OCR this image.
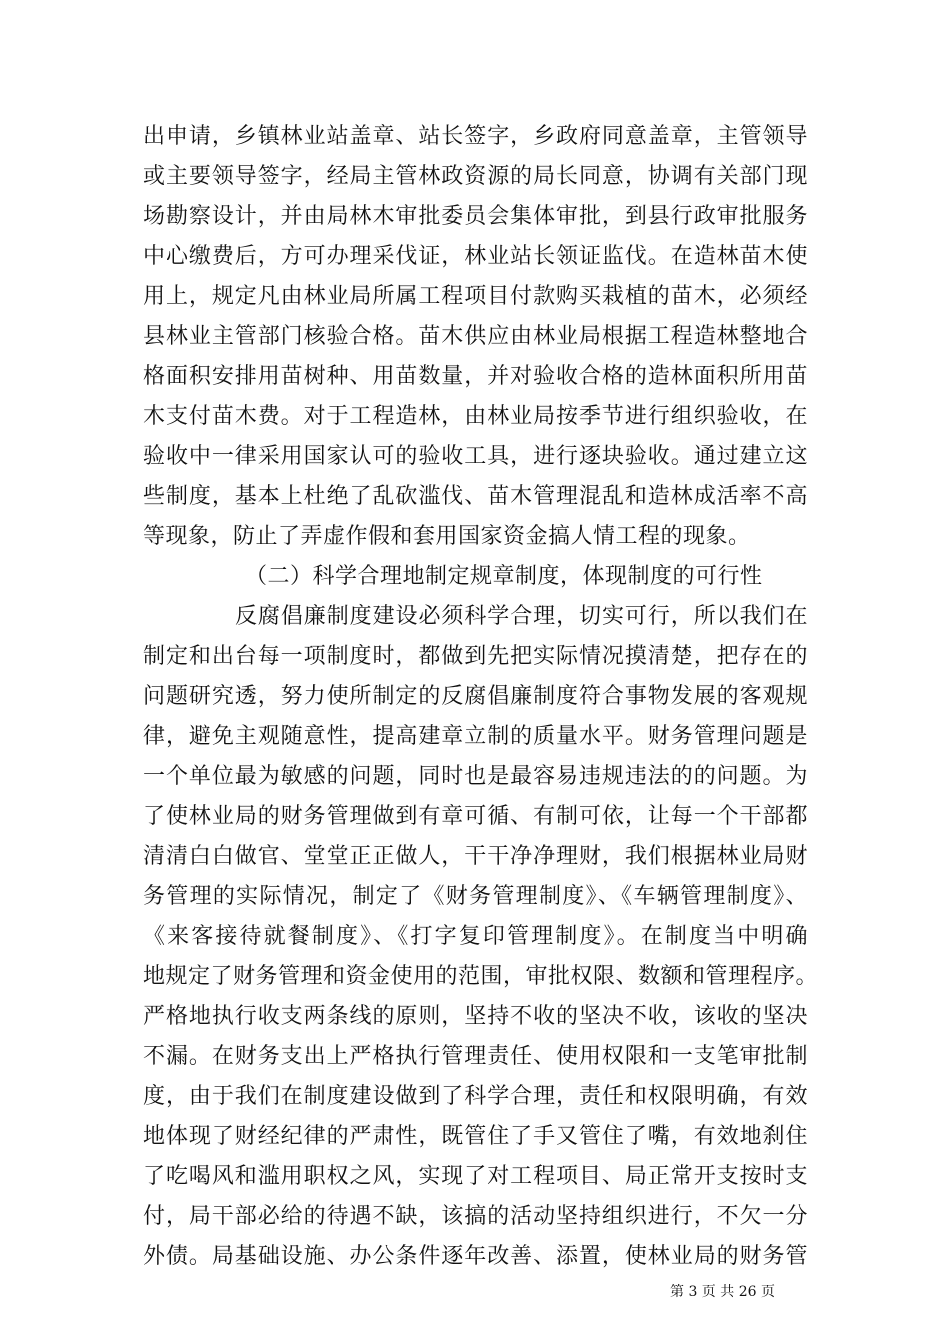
出申请，乡镇林业站盖章、站长签字，乡政府同意盖章，主管领导
或主要领导签字，经局主管林政资源的局长同意，协调有关部门现
场勘察设计，并由局林木审批委员会集体审批，到县行政审批服务
中心缴费后，方可办理采伐证，林业站长领证监伐。在造林苗木使
用上，规定凡由林业局所属工程项目付款购买栽植的苗木，必须经
县林业主管部门核验合格。苗木供应由林业局根据工程造林整地合
格面积安排用苗树种、用苗数量，并对验收合格的造林面积所用苗
木支付苗木费。对于工程造林，由林业局按季节进行组织验收，在
验收中一律采用国家认可的验收工具，进行逐块验收。通过建立这
些制度，基本上杜绝了乱砍滥伐、苗木管理混乱和造林成活率不高
等现象，防止了弄虚作假和套用国家资金搞人情工程的现象。
（二）科学合理地制定规章制度，体现制度的可行性
反腐倡廉制度建设必须科学合理，切实可行，所以我们在
制定和出台每一项制度时，都做到先把实际情况摸清楚，把存在的
问题研究透，努力使所制定的反腐倡廉制度符合事物发展的客观规
律，避免主观随意性，提高建章立制的质量水平。财务管理问题是
一个单位最为敏感的问题，同时也是最容易违规违法的的问题。为
了使林业局的财务管理做到有章可循、有制可依，让每一个干部都
清清白白做官、堂堂正正做人，干干净净理财，我们根据林业局财
务管理的实际情况，制定了《财务管理制度》、《车辆管理制度》、
《来客接待就餐制度》、《打字复印管理制度》。在制度当中明确
地规定了财务管理和资金使用的范围，审批权限、数额和管理程序。
严格地执行收支两条线的原则，坚持不收的坚决不收，该收的坚决
不漏。在财务支出上严格执行管理责任、使用权限和一支笔审批制
度，由于我们在制度建设做到了科学合理，责任和权限明确，有效
地体现了财经纪律的严肃性，既管住了手又管住了嘴，有效地刹住
了吃喝风和滥用职权之风，实现了对工程项目、局正常开支按时支
付，局干部必给的待遇不缺，该搞的活动坚持组织进行，不欠一分
外债。局基础设施、办公条件逐年改善、添置，使林业局的财务管
第 3 页 共 26 页
